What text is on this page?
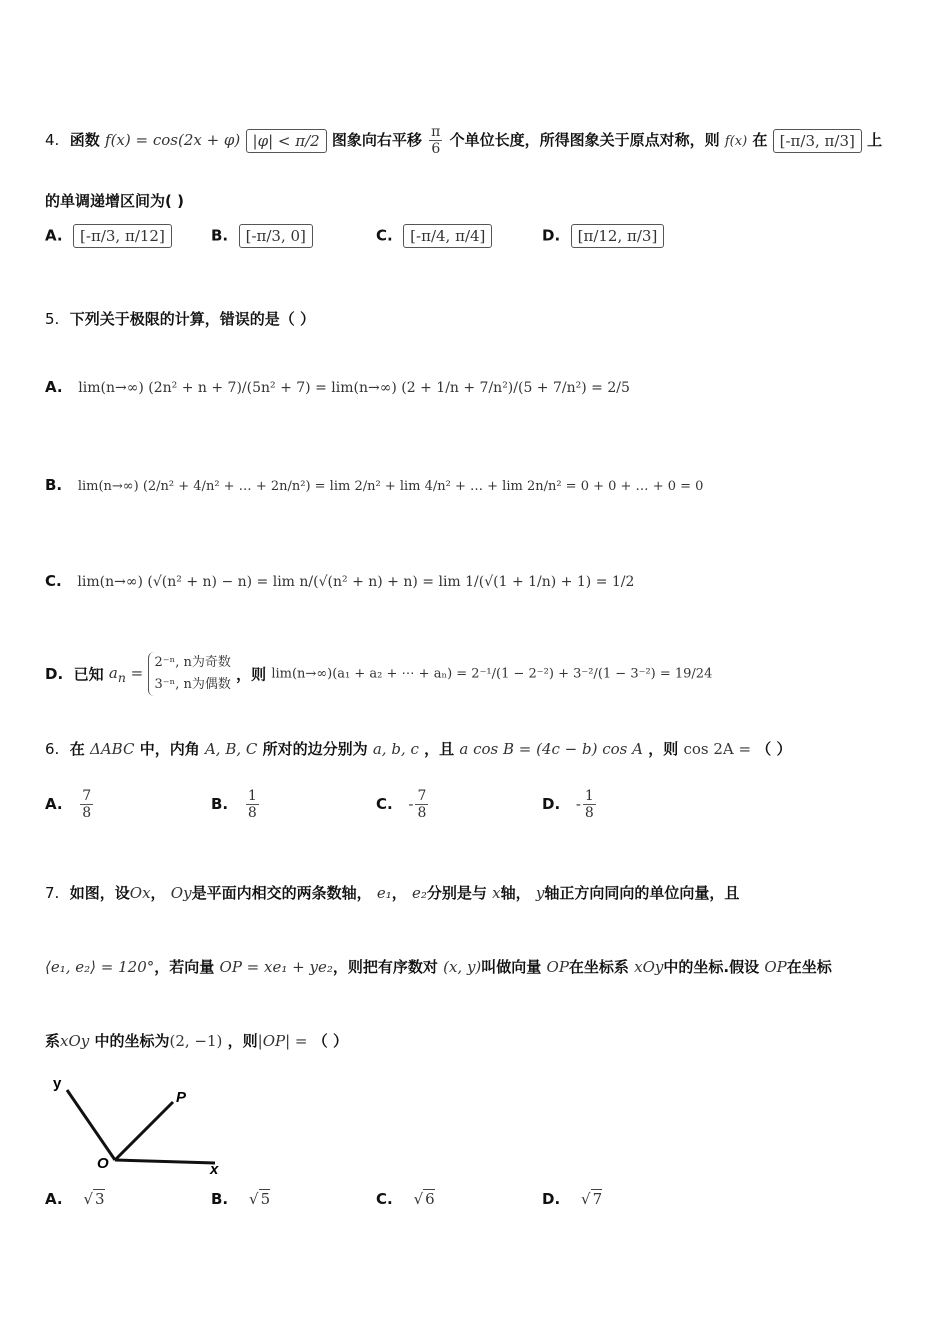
4. 函数 f(x) = cos(2x + φ) |φ| < π/2 图象向右平移 $\frac{\pi}{6}$ 个单位长度，所得图象关于原点对称，则 f(x) 在 [-π/3, π/3] 上
的单调递增区间为( )
A. [-π/3, π/12]	B. [-π/3, 0]	C. [-π/4, π/4]	D. [π/12, π/3]
5. 下列关于极限的计算，错误的是（ ）
A. lim(n→∞) (2n² + n + 7)/(5n² + 7) = lim(n→∞) (2 + 1/n + 7/n²)/(5 + 7/n²) = 2/5
B. lim(n→∞) (2/n² + 4/n² + … + 2n/n²) = lim 2/n² + lim 4/n² + … + lim 2n/n² = 0 + 0 + … + 0 = 0
C. lim(n→∞) (√(n² + n) − n) = lim n/(√(n² + n) + n) = lim 1/(√(1 + 1/n) + 1) = 1/2
D. 已知 $a_n$ =
2⁻ⁿ, n为奇数
3⁻ⁿ, n为偶数
，则 lim(n→∞)(a₁ + a₂ + ⋯ + aₙ) = 2⁻¹/(1 − 2⁻²) + 3⁻²/(1 − 3⁻²) = 19/24
6. 在 ΔABC 中，内角 A, B, C 所对的边分别为 a, b, c ，且 a cos B = (4c − b) cos A ，则 cos 2A = （ ）
A. $\frac{7}{8}$	B. $\frac{1}{8}$	C. - $\frac{7}{8}$	D. - $\frac{1}{8}$
7. 如图，设Ox， Oy是平面内相交的两条数轴， e₁， e₂分别是与 x轴， y轴正方向同向的单位向量，且
⟨e₁, e₂⟩ = 120°，若向量 OP = xe₁ + ye₂，则把有序数对 (x, y)叫做向量 OP在坐标系 xOy中的坐标.假设 OP在坐标
系xOy 中的坐标为(2, −1) ，则|OP| = （ ）
y
P
O	x
A. √ 3	B. √ 5	C. √ 6	D. √ 7
